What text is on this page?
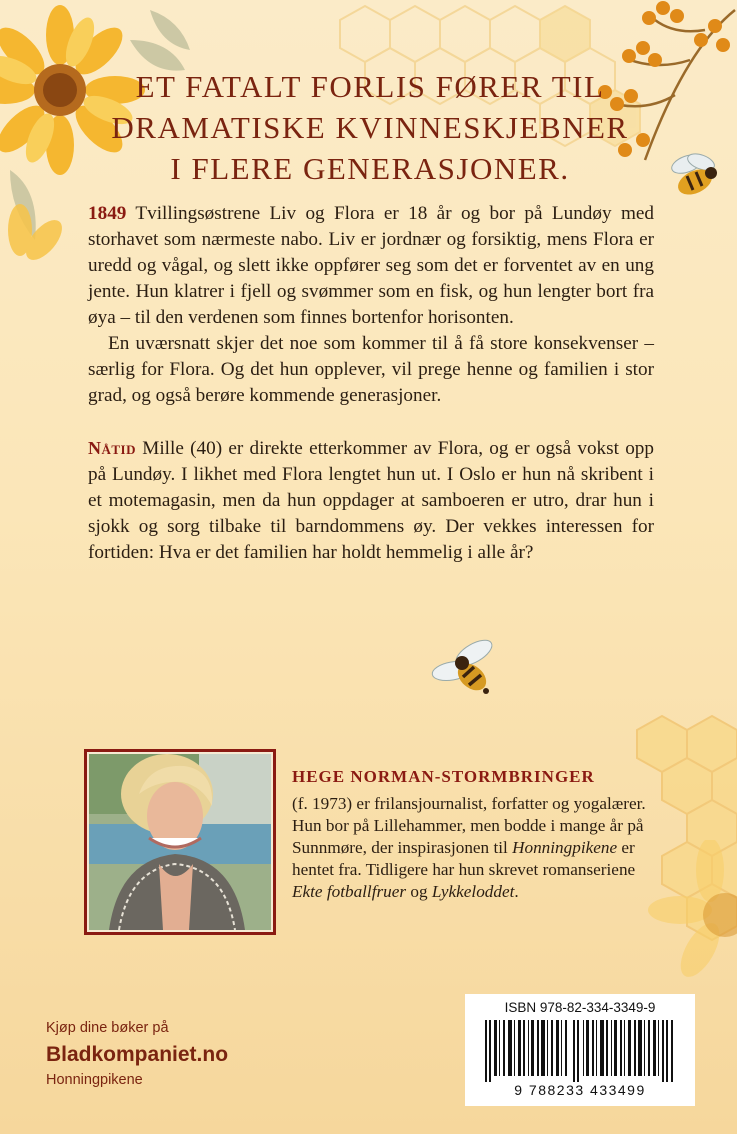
ET FATALT FORLIS FØRER TIL
DRAMATISKE KVINNESKJEBNER
I FLERE GENERASJONER.

1849 Tvillingsøstrene Liv og Flora er 18 år og bor på Lundøy med storhavet som nærmeste nabo. Liv er jordnær og forsiktig, mens Flora er uredd og vågal, og slett ikke oppfører seg som det er forventet av en ung jente. Hun klatrer i fjell og svømmer som en fisk, og hun lengter bort fra øya – til den verdenen som finnes bortenfor horisonten.

En uværsnatt skjer det noe som kommer til å få store konsekvenser – særlig for Flora. Og det hun opplever, vil prege henne og familien i stor grad, og også berøre kommende generasjoner.

Nåtid Mille (40) er direkte etterkommer av Flora, og er også vokst opp på Lundøy. I likhet med Flora lengtet hun ut. I Oslo er hun nå skribent i et motemagasin, men da hun oppdager at samboeren er utro, drar hun i sjokk og sorg tilbake til barndommens øy. Der vekkes interessen for fortiden: Hva er det familien har holdt hemmelig i alle år?

HEGE NORMAN-STORMBRINGER

(f. 1973) er frilansjournalist, forfatter og yogalærer. Hun bor på Lillehammer, men bodde i mange år på Sunnmøre, der inspirasjonen til Honningpikene er hentet fra. Tidligere har hun skrevet romanseriene Ekte fotballfruer og Lykkeloddet.

ISBN 978-82-334-3349-9
9 788233 433499
Kjøp dine bøker på
Bladkompaniet.no
Honningpikene
